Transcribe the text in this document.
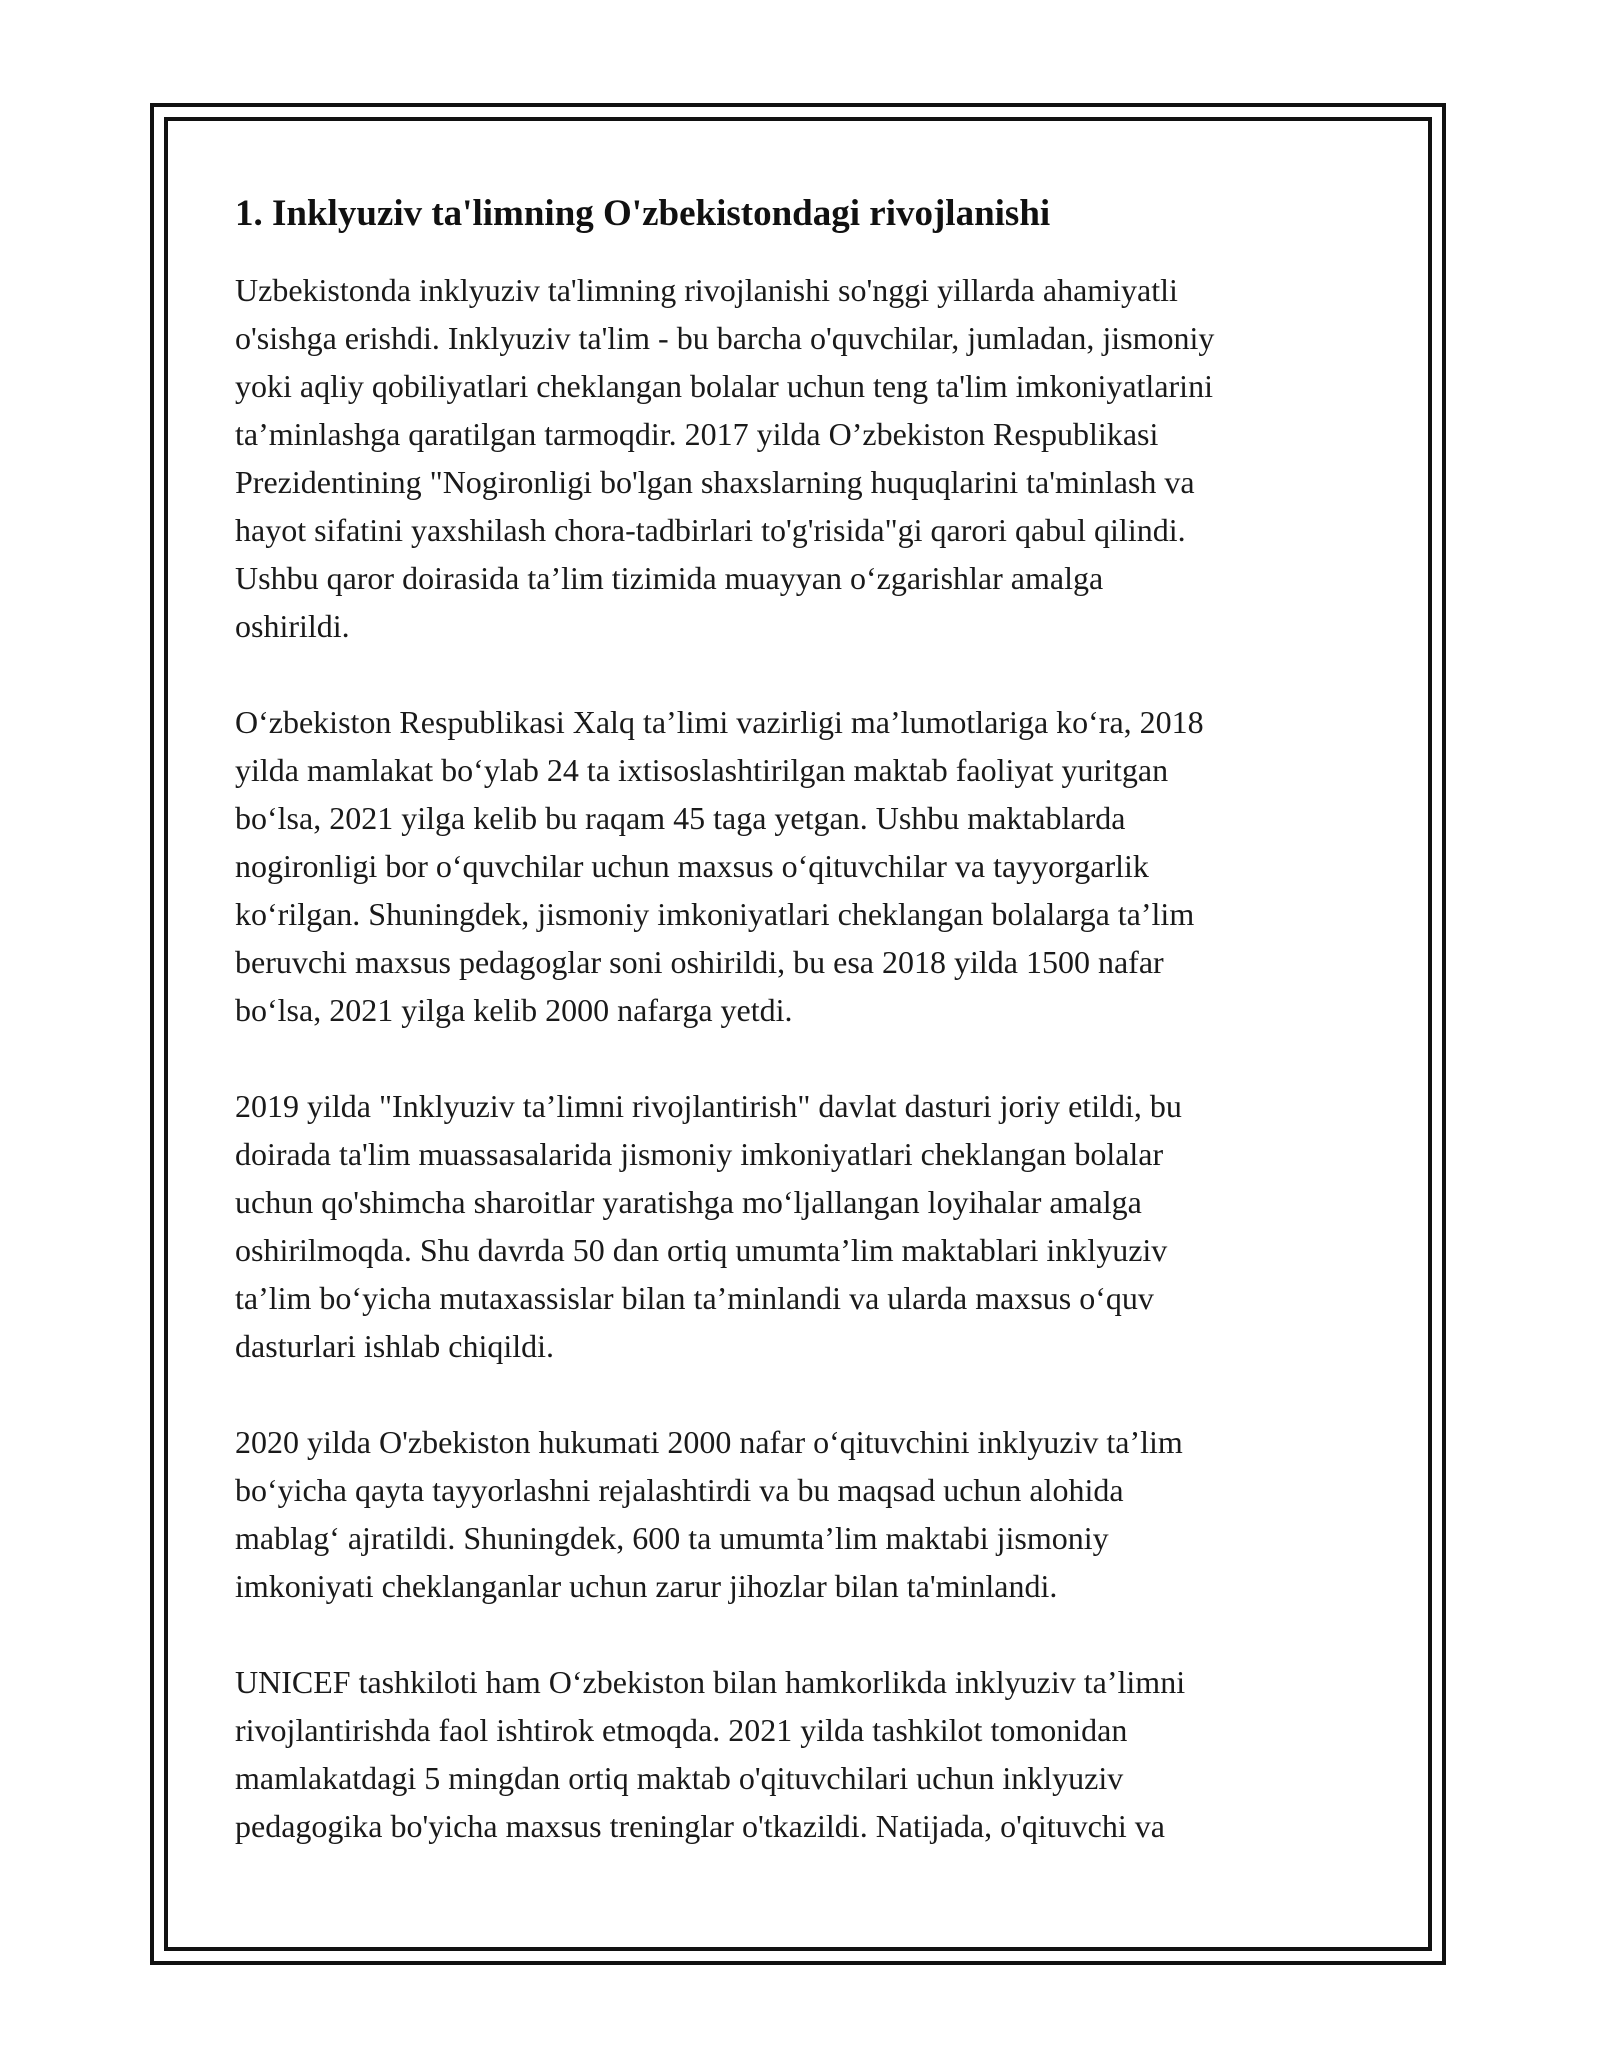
1. Inklyuziv ta'limning O'zbekistondagi rivojlanishi
Uzbekistonda inklyuziv ta'limning rivojlanishi so'nggi yillarda ahamiyatli
o'sishga erishdi. Inklyuziv ta'lim - bu barcha o'quvchilar, jumladan, jismoniy
yoki aqliy qobiliyatlari cheklangan bolalar uchun teng ta'lim imkoniyatlarini
ta’minlashga qaratilgan tarmoqdir. 2017 yilda O’zbekiston Respublikasi
Prezidentining "Nogironligi bo'lgan shaxslarning huquqlarini ta'minlash va
hayot sifatini yaxshilash chora-tadbirlari to'g'risida"gi qarori qabul qilindi.
Ushbu qaror doirasida ta’lim tizimida muayyan o‘zgarishlar amalga
oshirildi.
O‘zbekiston Respublikasi Xalq ta’limi vazirligi ma’lumotlariga ko‘ra, 2018
yilda mamlakat bo‘ylab 24 ta ixtisoslashtirilgan maktab faoliyat yuritgan
bo‘lsa, 2021 yilga kelib bu raqam 45 taga yetgan. Ushbu maktablarda
nogironligi bor o‘quvchilar uchun maxsus o‘qituvchilar va tayyorgarlik
ko‘rilgan. Shuningdek, jismoniy imkoniyatlari cheklangan bolalarga ta’lim
beruvchi maxsus pedagoglar soni oshirildi, bu esa 2018 yilda 1500 nafar
bo‘lsa, 2021 yilga kelib 2000 nafarga yetdi.
2019 yilda "Inklyuziv ta’limni rivojlantirish" davlat dasturi joriy etildi, bu
doirada ta'lim muassasalarida jismoniy imkoniyatlari cheklangan bolalar
uchun qo'shimcha sharoitlar yaratishga mo‘ljallangan loyihalar amalga
oshirilmoqda. Shu davrda 50 dan ortiq umumta’lim maktablari inklyuziv
ta’lim bo‘yicha mutaxassislar bilan ta’minlandi va ularda maxsus o‘quv
dasturlari ishlab chiqildi.
2020 yilda O'zbekiston hukumati 2000 nafar o‘qituvchini inklyuziv ta’lim
bo‘yicha qayta tayyorlashni rejalashtirdi va bu maqsad uchun alohida
mablag‘ ajratildi. Shuningdek, 600 ta umumta’lim maktabi jismoniy
imkoniyati cheklanganlar uchun zarur jihozlar bilan ta'minlandi.
UNICEF tashkiloti ham O‘zbekiston bilan hamkorlikda inklyuziv ta’limni
rivojlantirishda faol ishtirok etmoqda. 2021 yilda tashkilot tomonidan
mamlakatdagi 5 mingdan ortiq maktab o'qituvchilari uchun inklyuziv
pedagogika bo'yicha maxsus treninglar o'tkazildi. Natijada, o'qituvchi va
